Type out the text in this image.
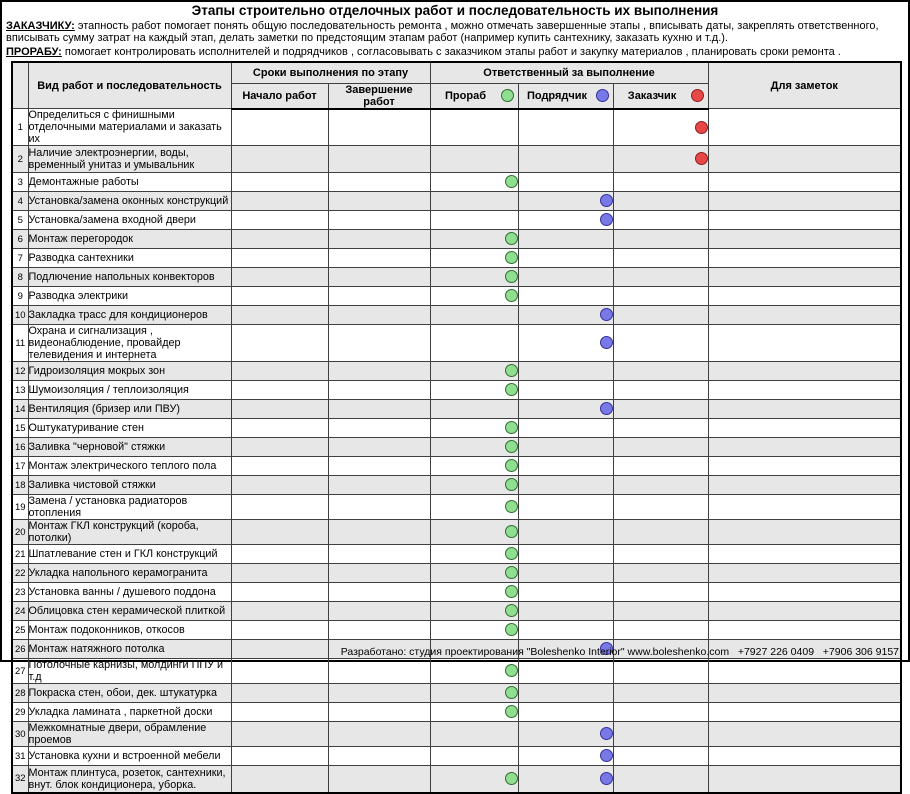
Этапы строительно отделочных работ и последовательность их выполнения

ЗАКАЗЧИКУ: этапность работ помогает понять общую последовательность ремонта , можно отмечать завершенные этапы , вписывать даты, закреплять ответственного, вписывать сумму затрат на каждый этап, делать заметки по предстоящим этапам работ (например купить сантехнику, заказать кухню и т.д.).

ПРОРАБУ: помогает контролировать исполнителей и подрядчиков , согласовывать с заказчиком этапы работ и закупку материалов , планировать сроки ремонта .

	Вид работ и последовательность	Сроки выполнения по этапу		Ответственный за выполнение			Для заметок
		Начало работ	Завершение работ	Прораб	Подрядчик	Заказчик	

1	Определиться с финишными отделочными материалами и заказать их						
2	Наличие электроэнергии, воды, временный унитаз и умывальник						
3	Демонтажные работы						
4	Установка/замена оконных конструкций						
5	Установка/замена входной двери						
6	Монтаж перегородок						
7	Разводка сантехники						
8	Подлючение напольных конвекторов						
9	Разводка электрики						
10	Закладка трасс для кондиционеров						
11	Охрана и сигнализация , видеонаблюдение, провайдер телевидения и интернета						
12	Гидроизоляция мокрых зон						
13	Шумоизоляция / теплоизоляция						
14	Вентиляция (бризер или ПВУ)						
15	Оштукатуривание стен						
16	Заливка "черновой" стяжки						
17	Монтаж электрического теплого пола						
18	Заливка чистовой стяжки						
19	Замена / установка радиаторов отопления						
20	Монтаж ГКЛ конструкций (короба, потолки)						
21	Шпатлевание стен и ГКЛ конструкций						
22	Укладка напольного керамогранита						
23	Установка ванны / душевого поддона						
24	Облицовка стен керамической плиткой						
25	Монтаж подоконников, откосов						
26	Монтаж натяжного потолка						
27	Потолочные карнизы, молдинги ППУ и т.д						
28	Покраска стен, обои, дек. штукатурка						
29	Укладка ламината , паркетной доски						
30	Межкомнатные двери, обрамление проемов						
31	Установка кухни и встроенной мебели						
32	Монтаж плинтуса, розеток, сантехники, внут. блок кондиционера, уборка.						
Разработано: студия проектирования "Boleshenko Interior" www.boleshenko.com   +7927 226 0409   +7906 306 9157
